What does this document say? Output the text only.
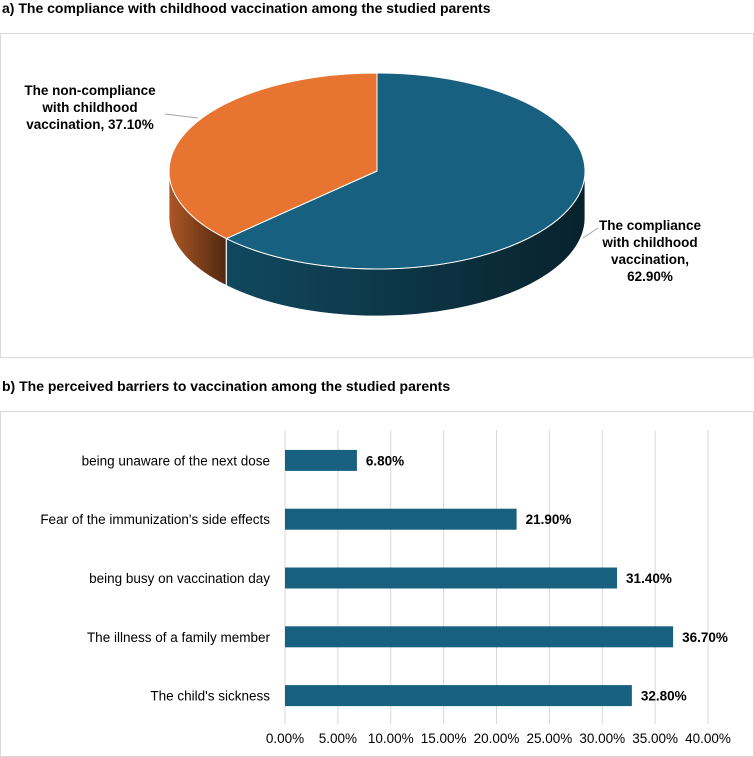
a) The compliance with childhood vaccination among the studied parents
The compliance
with childhood
vaccination,
62.90%
The non-compliance
with childhood
vaccination, 37.10%
b) The perceived barriers to vaccination among the studied parents
0.00% 5.00% 10.00% 15.00% 20.00% 25.00% 30.00% 35.00% 40.00%
being unaware of the next dose	6.80%
Fear of the immunization's side effects	21.90%
being busy on vaccination day	31.40%
The illness of a family member	36.70%
The child's sickness	32.80%
